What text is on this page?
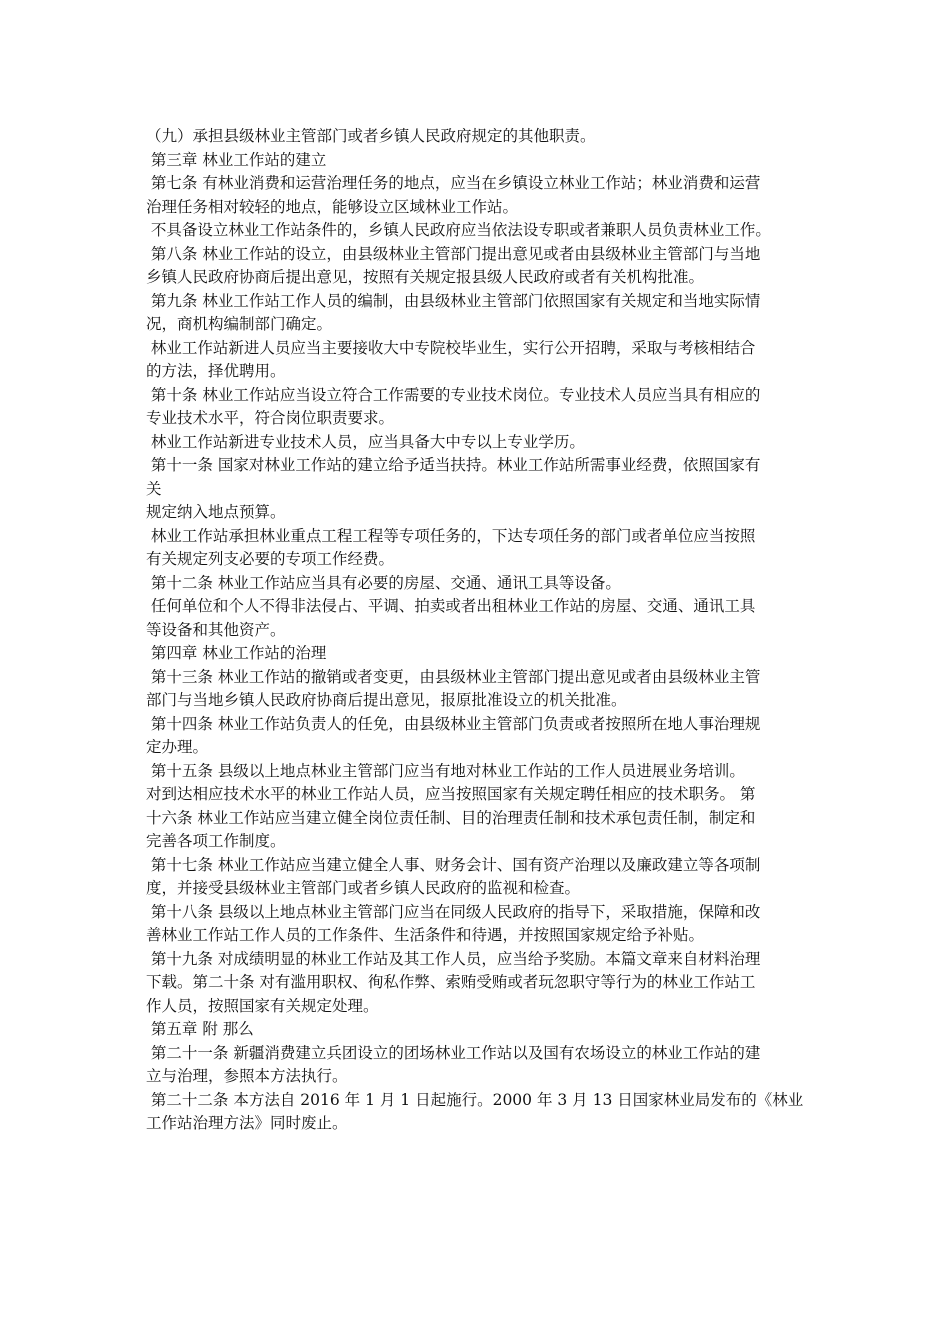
（九）承担县级林业主管部门或者乡镇人民政府规定的其他职责。
第三章 林业工作站的建立
第七条 有林业消费和运营治理任务的地点，应当在乡镇设立林业工作站；林业消费和运营
治理任务相对较轻的地点，能够设立区域林业工作站。
不具备设立林业工作站条件的，乡镇人民政府应当依法设专职或者兼职人员负责林业工作。
第八条 林业工作站的设立，由县级林业主管部门提出意见或者由县级林业主管部门与当地
乡镇人民政府协商后提出意见，按照有关规定报县级人民政府或者有关机构批准。
第九条 林业工作站工作人员的编制，由县级林业主管部门依照国家有关规定和当地实际情
况，商机构编制部门确定。
林业工作站新进人员应当主要接收大中专院校毕业生，实行公开招聘，采取与考核相结合
的方法，择优聘用。
第十条 林业工作站应当设立符合工作需要的专业技术岗位。专业技术人员应当具有相应的
专业技术水平，符合岗位职责要求。
林业工作站新进专业技术人员，应当具备大中专以上专业学历。
第十一条 国家对林业工作站的建立给予适当扶持。林业工作站所需事业经费，依照国家有
关
规定纳入地点预算。
林业工作站承担林业重点工程工程等专项任务的，下达专项任务的部门或者单位应当按照
有关规定列支必要的专项工作经费。
第十二条 林业工作站应当具有必要的房屋、交通、通讯工具等设备。
任何单位和个人不得非法侵占、平调、拍卖或者出租林业工作站的房屋、交通、通讯工具
等设备和其他资产。
第四章 林业工作站的治理
第十三条 林业工作站的撤销或者变更，由县级林业主管部门提出意见或者由县级林业主管
部门与当地乡镇人民政府协商后提出意见，报原批准设立的机关批准。
第十四条 林业工作站负责人的任免，由县级林业主管部门负责或者按照所在地人事治理规
定办理。
第十五条 县级以上地点林业主管部门应当有地对林业工作站的工作人员进展业务培训。
对到达相应技术水平的林业工作站人员，应当按照国家有关规定聘任相应的技术职务。 第
十六条 林业工作站应当建立健全岗位责任制、目的治理责任制和技术承包责任制，制定和
完善各项工作制度。
第十七条 林业工作站应当建立健全人事、财务会计、国有资产治理以及廉政建立等各项制
度，并接受县级林业主管部门或者乡镇人民政府的监视和检查。
第十八条 县级以上地点林业主管部门应当在同级人民政府的指导下，采取措施，保障和改
善林业工作站工作人员的工作条件、生活条件和待遇，并按照国家规定给予补贴。
第十九条 对成绩明显的林业工作站及其工作人员，应当给予奖励。本篇文章来自材料治理
下载。第二十条 对有滥用职权、徇私作弊、索贿受贿或者玩忽职守等行为的林业工作站工
作人员，按照国家有关规定处理。
第五章 附 那么
第二十一条 新疆消费建立兵团设立的团场林业工作站以及国有农场设立的林业工作站的建
立与治理，参照本方法执行。
第二十二条 本方法自 2016 年 1 月 1 日起施行。2000 年 3 月 13 日国家林业局发布的《林业
工作站治理方法》同时废止。
